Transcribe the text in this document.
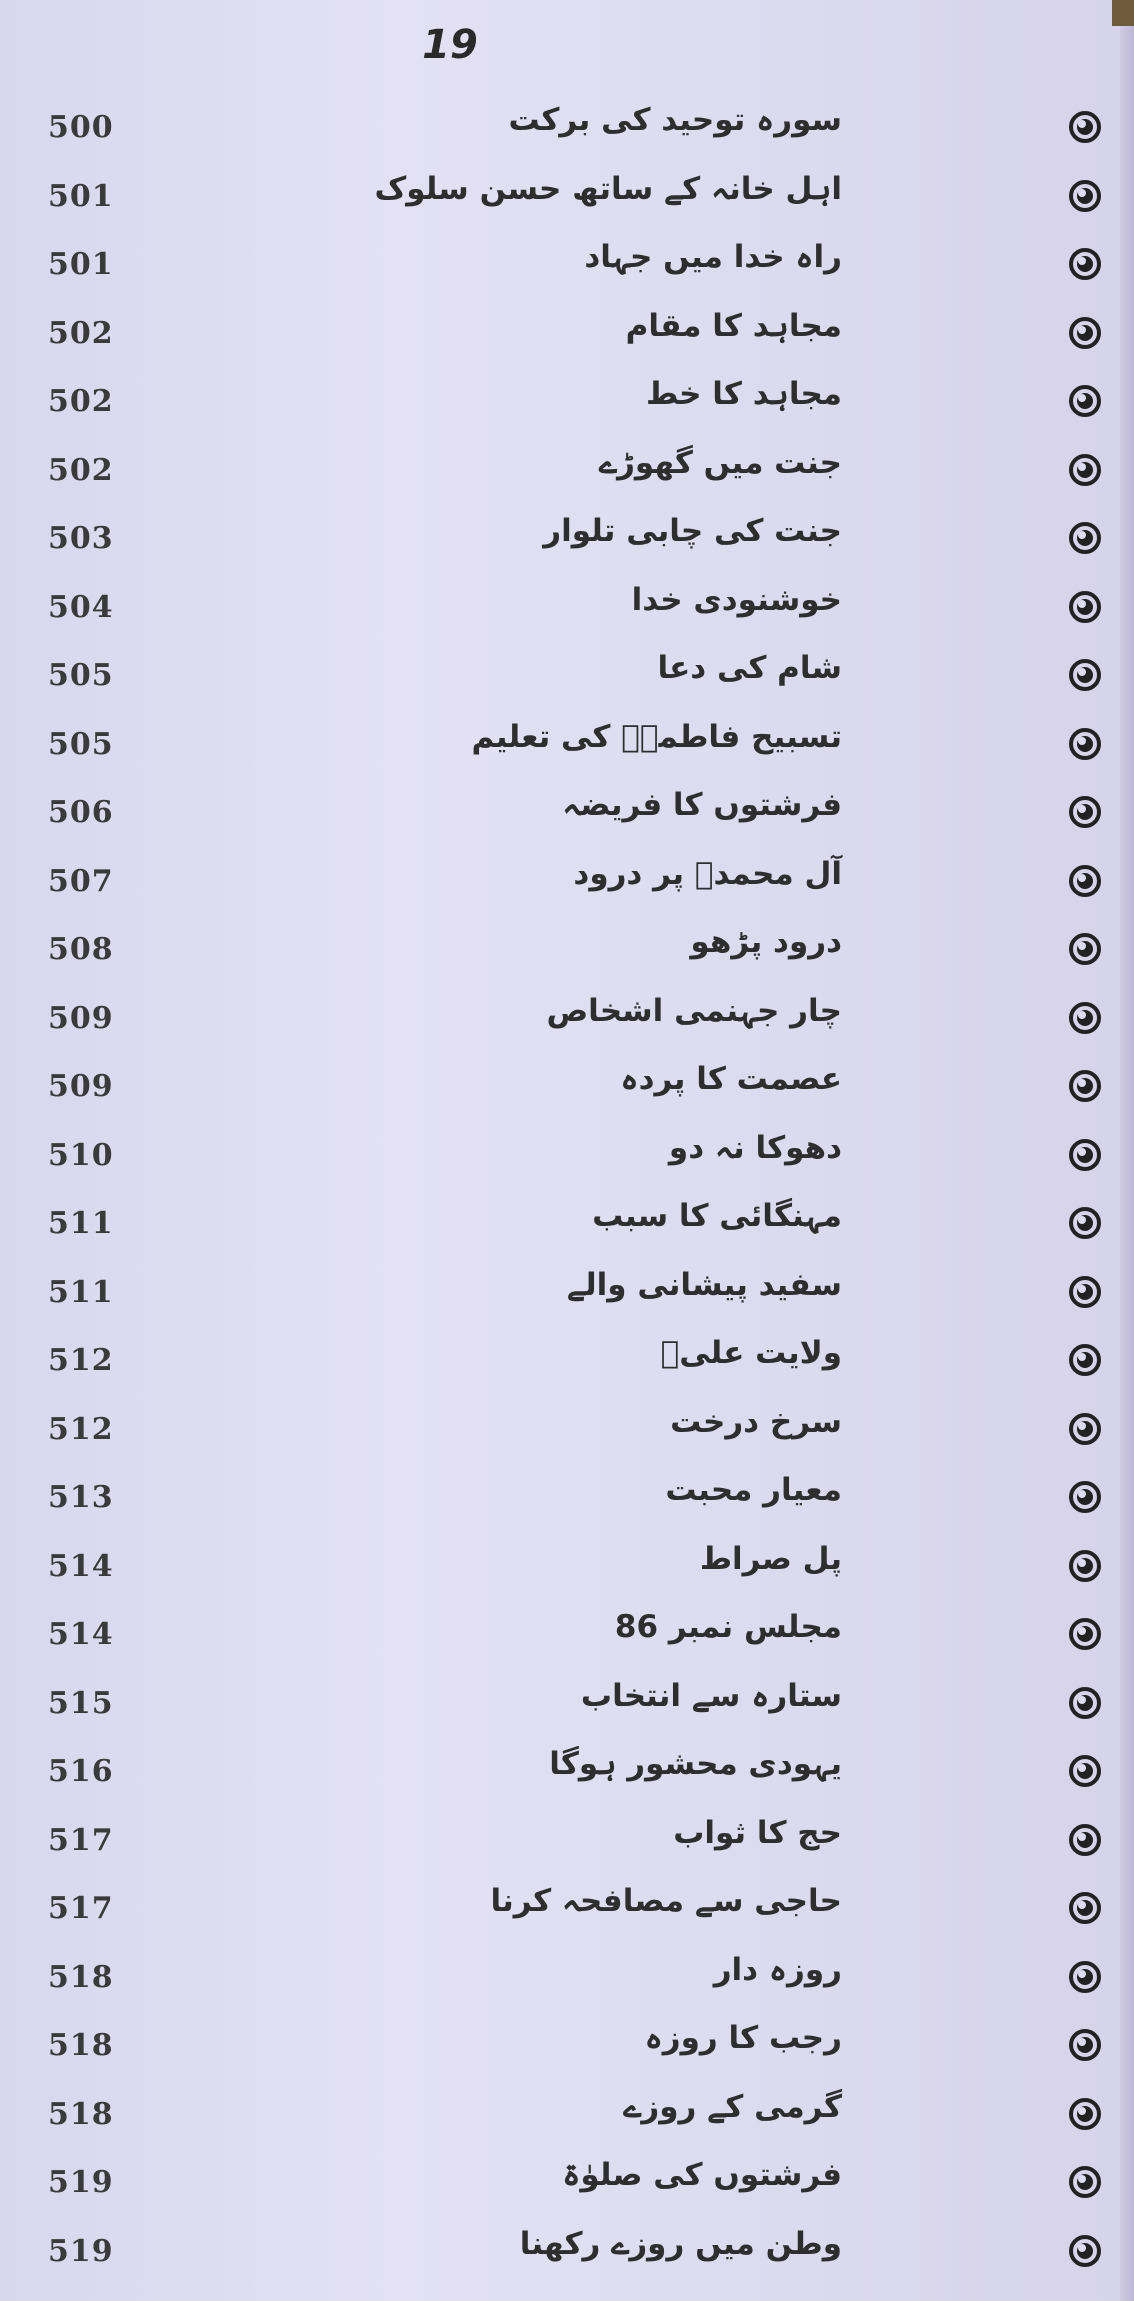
19
500	سورہ توحید کی برکت
501	اہل خانہ کے ساتھ حسن سلوک
501	راہ خدا میں جہاد
502	مجاہد کا مقام
502	مجاہد کا خط
502	جنت میں گھوڑے
503	جنت کی چابی تلوار
504	خوشنودی خدا
505	شام کی دعا
505	تسبیح فاطمہؑ کی تعلیم
506	فرشتوں کا فریضہ
507	آل محمدؐ پر درود
508	درود پڑھو
509	چار جہنمی اشخاص
509	عصمت کا پردہ
510	دھوکا نہ دو
511	مہنگائی کا سبب
511	سفید پیشانی والے
512	ولایت علیؑ
512	سرخ درخت
513	معیار محبت
514	پل صراط
514	مجلس نمبر 86
515	ستارہ سے انتخاب
516	یہودی محشور ہوگا
517	حج کا ثواب
517	حاجی سے مصافحہ کرنا
518	روزہ دار
518	رجب کا روزہ
518	گرمی کے روزے
519	فرشتوں کی صلوٰۃ
519	وطن میں روزے رکھنا
